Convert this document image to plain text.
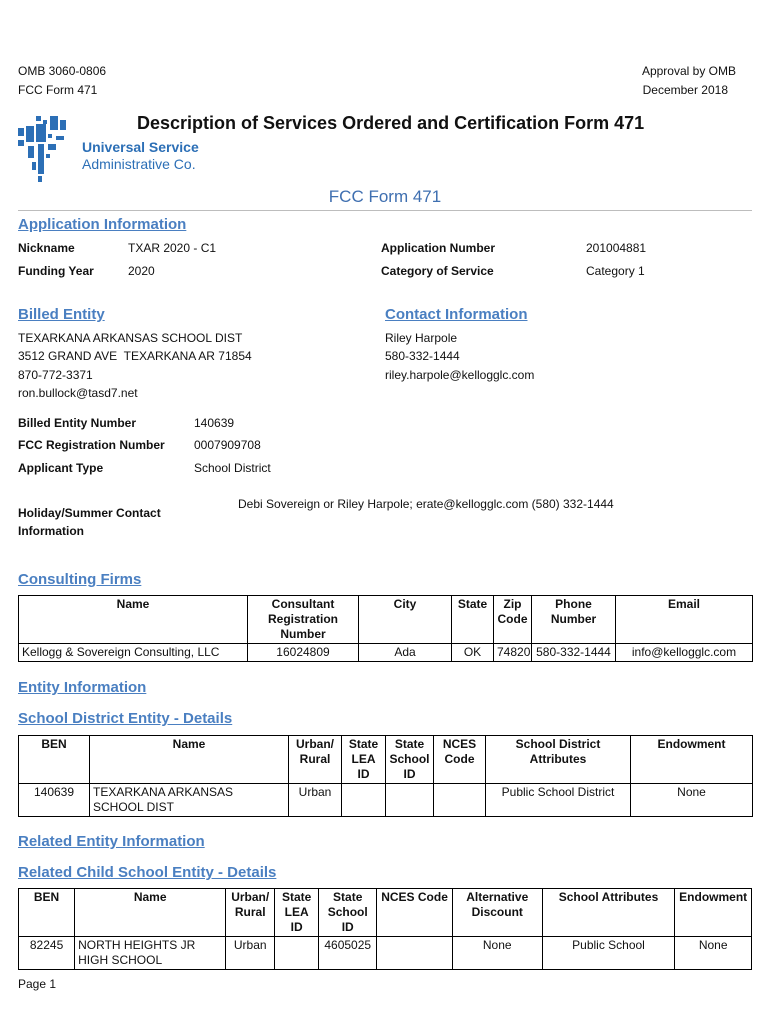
OMB 3060-0806
FCC Form 471
Approval by OMB
December 2018
Universal Service
Administrative Co.
Description of Services Ordered and Certification Form 471
FCC Form 471
Application Information
Nickname	TXAR 2020 - C1
Funding Year	2020
Application Number	201004881
Category of Service	Category 1
Billed Entity
TEXARKANA ARKANSAS SCHOOL DIST
3512 GRAND AVE  TEXARKANA AR 71854
870-772-3371
ron.bullock@tasd7.net
Contact Information
Riley Harpole
580-332-1444
riley.harpole@kellogglc.com
Billed Entity Number	140639
FCC Registration Number 0007909708
Applicant Type	School District
Holiday/Summer Contact
Information
Debi Sovereign or Riley Harpole; erate@kellogglc.com (580) 332-1444
Consulting Firms
Name	Consultant Registration Number	City	State	Zip Code	Phone Number	Email
Kellogg & Sovereign Consulting, LLC	16024809	Ada	OK	74820	580-332-1444	info@kellogglc.com
Entity Information
School District Entity - Details
BEN	Name	Urban/ Rural	State LEA ID	State School ID	NCES Code	School District Attributes	Endowment
140639	TEXARKANA ARKANSAS SCHOOL DIST	Urban				Public School District	None
Related Entity Information
Related Child School Entity - Details
BEN	Name	Urban/ Rural	State LEA ID	State School ID	NCES Code	Alternative Discount	School Attributes	Endowment
82245	NORTH HEIGHTS JR HIGH SCHOOL	Urban		4605025		None	Public School	None
Page 1
